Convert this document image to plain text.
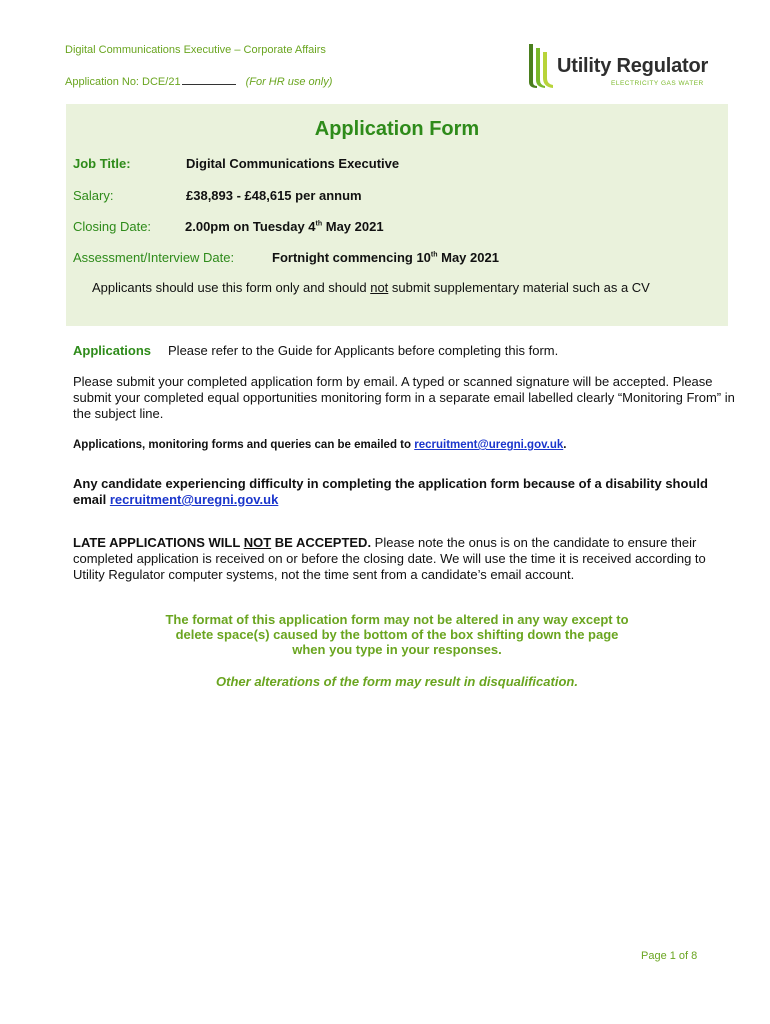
Digital Communications Executive – Corporate Affairs
Application No: DCE/21	(For HR use only)
Utility Regulator
ELECTRICITY GAS WATER
Application Form
Job Title:	Digital Communications Executive
Salary:	£38,893 - £48,615 per annum
Closing Date:	2.00pm on Tuesday 4th May 2021
Assessment/Interview Date:	Fortnight commencing 10th May 2021
Applicants should use this form only and should not submit supplementary material such as a CV
Applications Please refer to the Guide for Applicants before completing this form.
Please submit your completed application form by email. A typed or scanned signature will be accepted. Please submit your completed equal opportunities monitoring form in a separate email labelled clearly “Monitoring From” in the subject line.
Applications, monitoring forms and queries can be emailed to recruitment@uregni.gov.uk.
Any candidate experiencing difficulty in completing the application form because of a disability should email recruitment@uregni.gov.uk
LATE APPLICATIONS WILL NOT BE ACCEPTED. Please note the onus is on the candidate to ensure their completed application is received on or before the closing date. We will use the time it is received according to Utility Regulator computer systems, not the time sent from a candidate’s email account.
The format of this application form may not be altered in any way except to
delete space(s) caused by the bottom of the box shifting down the page
when you type in your responses.
Other alterations of the form may result in disqualification.
Page 1 of 8
